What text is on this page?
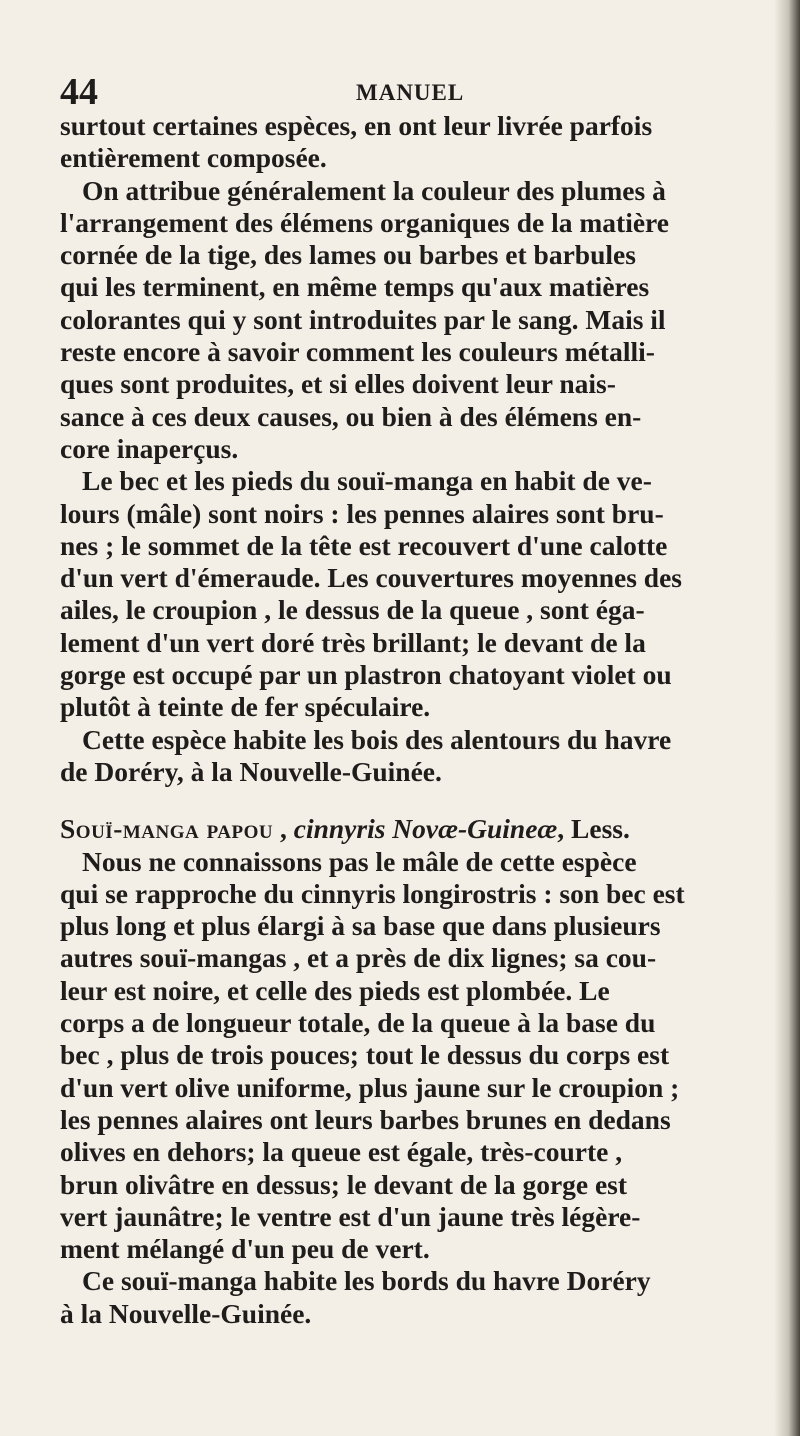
44	MANUEL
surtout certaines espèces, en ont leur livrée parfois
entièrement composée.
On attribue généralement la couleur des plumes à
l'arrangement des élémens organiques de la matière
cornée de la tige, des lames ou barbes et barbules
qui les terminent, en même temps qu'aux matières
colorantes qui y sont introduites par le sang. Mais il
reste encore à savoir comment les couleurs métalli-
ques sont produites, et si elles doivent leur nais-
sance à ces deux causes, ou bien à des élémens en-
core inaperçus.
Le bec et les pieds du souï-manga en habit de ve-
lours (mâle) sont noirs : les pennes alaires sont bru-
nes ; le sommet de la tête est recouvert d'une calotte
d'un vert d'émeraude. Les couvertures moyennes des
ailes, le croupion , le dessus de la queue , sont éga-
lement d'un vert doré très brillant; le devant de la
gorge est occupé par un plastron chatoyant violet ou
plutôt à teinte de fer spéculaire.
Cette espèce habite les bois des alentours du havre
de Doréry, à la Nouvelle-Guinée.
Souï-manga papou , cinnyris Novæ-Guineæ, Less.
Nous ne connaissons pas le mâle de cette espèce
qui se rapproche du cinnyris longirostris : son bec est
plus long et plus élargi à sa base que dans plusieurs
autres souï-mangas , et a près de dix lignes; sa cou-
leur est noire, et celle des pieds est plombée. Le
corps a de longueur totale, de la queue à la base du
bec , plus de trois pouces; tout le dessus du corps est
d'un vert olive uniforme, plus jaune sur le croupion ;
les pennes alaires ont leurs barbes brunes en dedans
olives en dehors; la queue est égale, très-courte ,
brun olivâtre en dessus; le devant de la gorge est
vert jaunâtre; le ventre est d'un jaune très légère-
ment mélangé d'un peu de vert.
Ce souï-manga habite les bords du havre Doréry
à la Nouvelle-Guinée.
